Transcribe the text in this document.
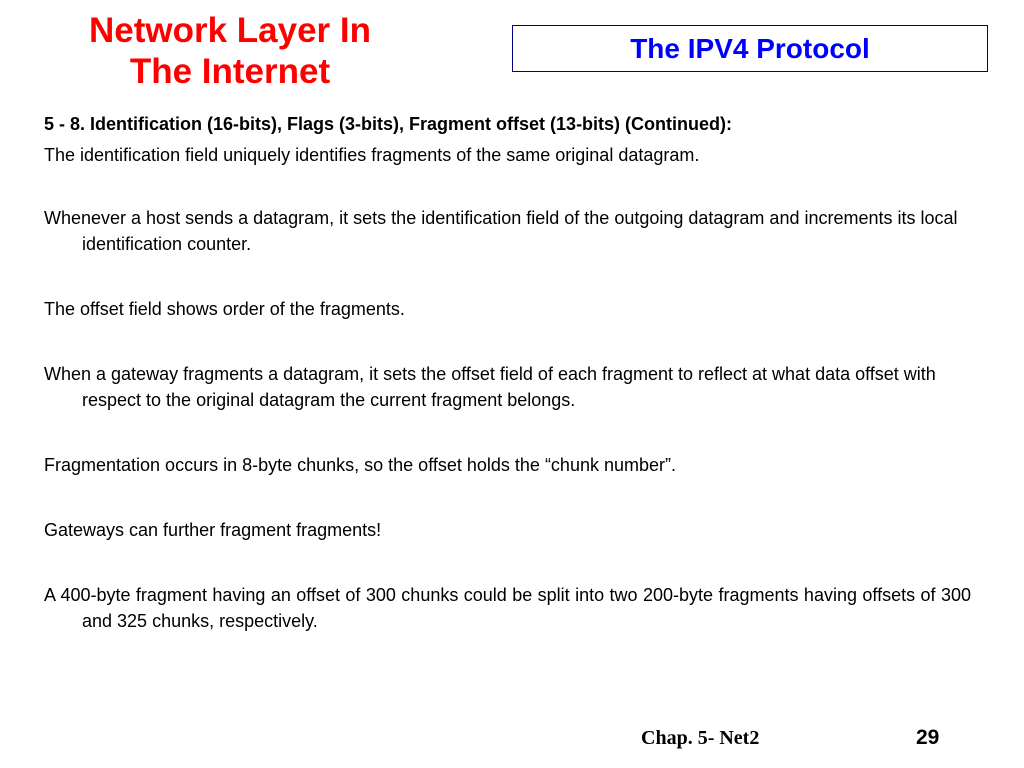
Network Layer In
The Internet
The IPV4 Protocol

5 - 8. Identification (16-bits), Flags (3-bits), Fragment offset (13-bits) (Continued):

The identification field uniquely identifies fragments of the same original datagram.

Whenever a host sends a datagram, it sets the identification field of the outgoing datagram and increments its local identification counter.

The offset field shows order of the fragments.

When a gateway fragments a datagram, it sets the offset field of each fragment to reflect at what data offset with respect to the original datagram the current fragment belongs.

Fragmentation occurs in 8-byte chunks, so the offset holds the “chunk number”.

Gateways can further fragment fragments!

A 400-byte fragment having an offset of 300 chunks could be split into two 200-byte fragments having offsets of 300 and 325 chunks, respectively.

Chap. 5- Net2	29
